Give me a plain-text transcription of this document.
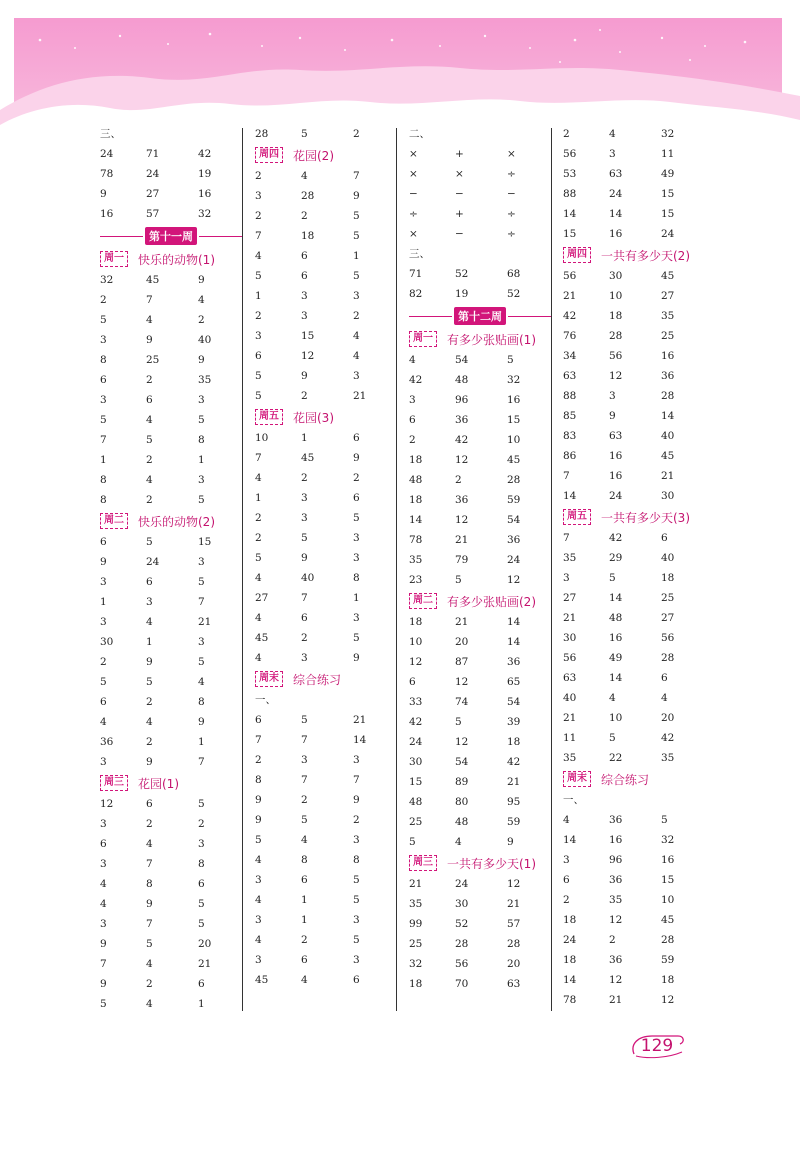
三、
24	71	42
78	24	19
9	27	16
16	57	32
第十一周
周一	快乐的动物(1)
32	45	9
2	7	4
5	4	2
3	9	40
8	25	9
6	2	35
3	6	3
5	4	5
7	5	8
1	2	1
8	4	3
8	2	5
周二	快乐的动物(2)
6	5	15
9	24	3
3	6	5
1	3	7
3	4	21
30	1	3
2	9	5
5	5	4
6	2	8
4	4	9
36	2	1
3	9	7
周三	花园(1)
12	6	5
3	2	2
6	4	3
3	7	8
4	8	6
4	9	5
3	7	5
9	5	20
7	4	21
9	2	6
5	4	1
28	5	2
周四	花园(2)
2	4	7
3	28	9
2	2	5
7	18	5
4	6	1
5	6	5
1	3	3
2	3	2
3	15	4
6	12	4
5	9	3
5	2	21
周五	花园(3)
10	1	6
7	45	9
4	2	2
1	3	6
2	3	5
2	5	3
5	9	3
4	40	8
27	7	1
4	6	3
45	2	5
4	3	9
周末	综合练习
一、
6	5	21
7	7	14
2	3	3
8	7	7
9	2	9
9	5	2
5	4	3
4	8	8
3	6	5
4	1	5
3	1	3
4	2	5
3	6	3
45	4	6
二、
×	+	×
×	×	÷
−	−	−
÷	+	÷
×	−	÷
三、
71	52	68
82	19	52
第十二周
周一	有多少张贴画(1)
4	54	5
42	48	32
3	96	16
6	36	15
2	42	10
18	12	45
48	2	28
18	36	59
14	12	54
78	21	36
35	79	24
23	5	12
周二	有多少张贴画(2)
18	21	14
10	20	14
12	87	36
6	12	65
33	74	54
42	5	39
24	12	18
30	54	42
15	89	21
48	80	95
25	48	59
5	4	9
周三	一共有多少天(1)
21	24	12
35	30	21
99	52	57
25	28	28
32	56	20
18	70	63
2	4	32
56	3	11
53	63	49
88	24	15
14	14	15
15	16	24
周四	一共有多少天(2)
56	30	45
21	10	27
42	18	35
76	28	25
34	56	16
63	12	36
88	3	28
85	9	14
83	63	40
86	16	45
7	16	21
14	24	30
周五	一共有多少天(3)
7	42	6
35	29	40
3	5	18
27	14	25
21	48	27
30	16	56
56	49	28
63	14	6
40	4	4
21	10	20
11	5	42
35	22	35
周末	综合练习
一、
4	36	5
14	16	32
3	96	16
6	36	15
2	35	10
18	12	45
24	2	28
18	36	59
14	12	18
78	21	12
129
